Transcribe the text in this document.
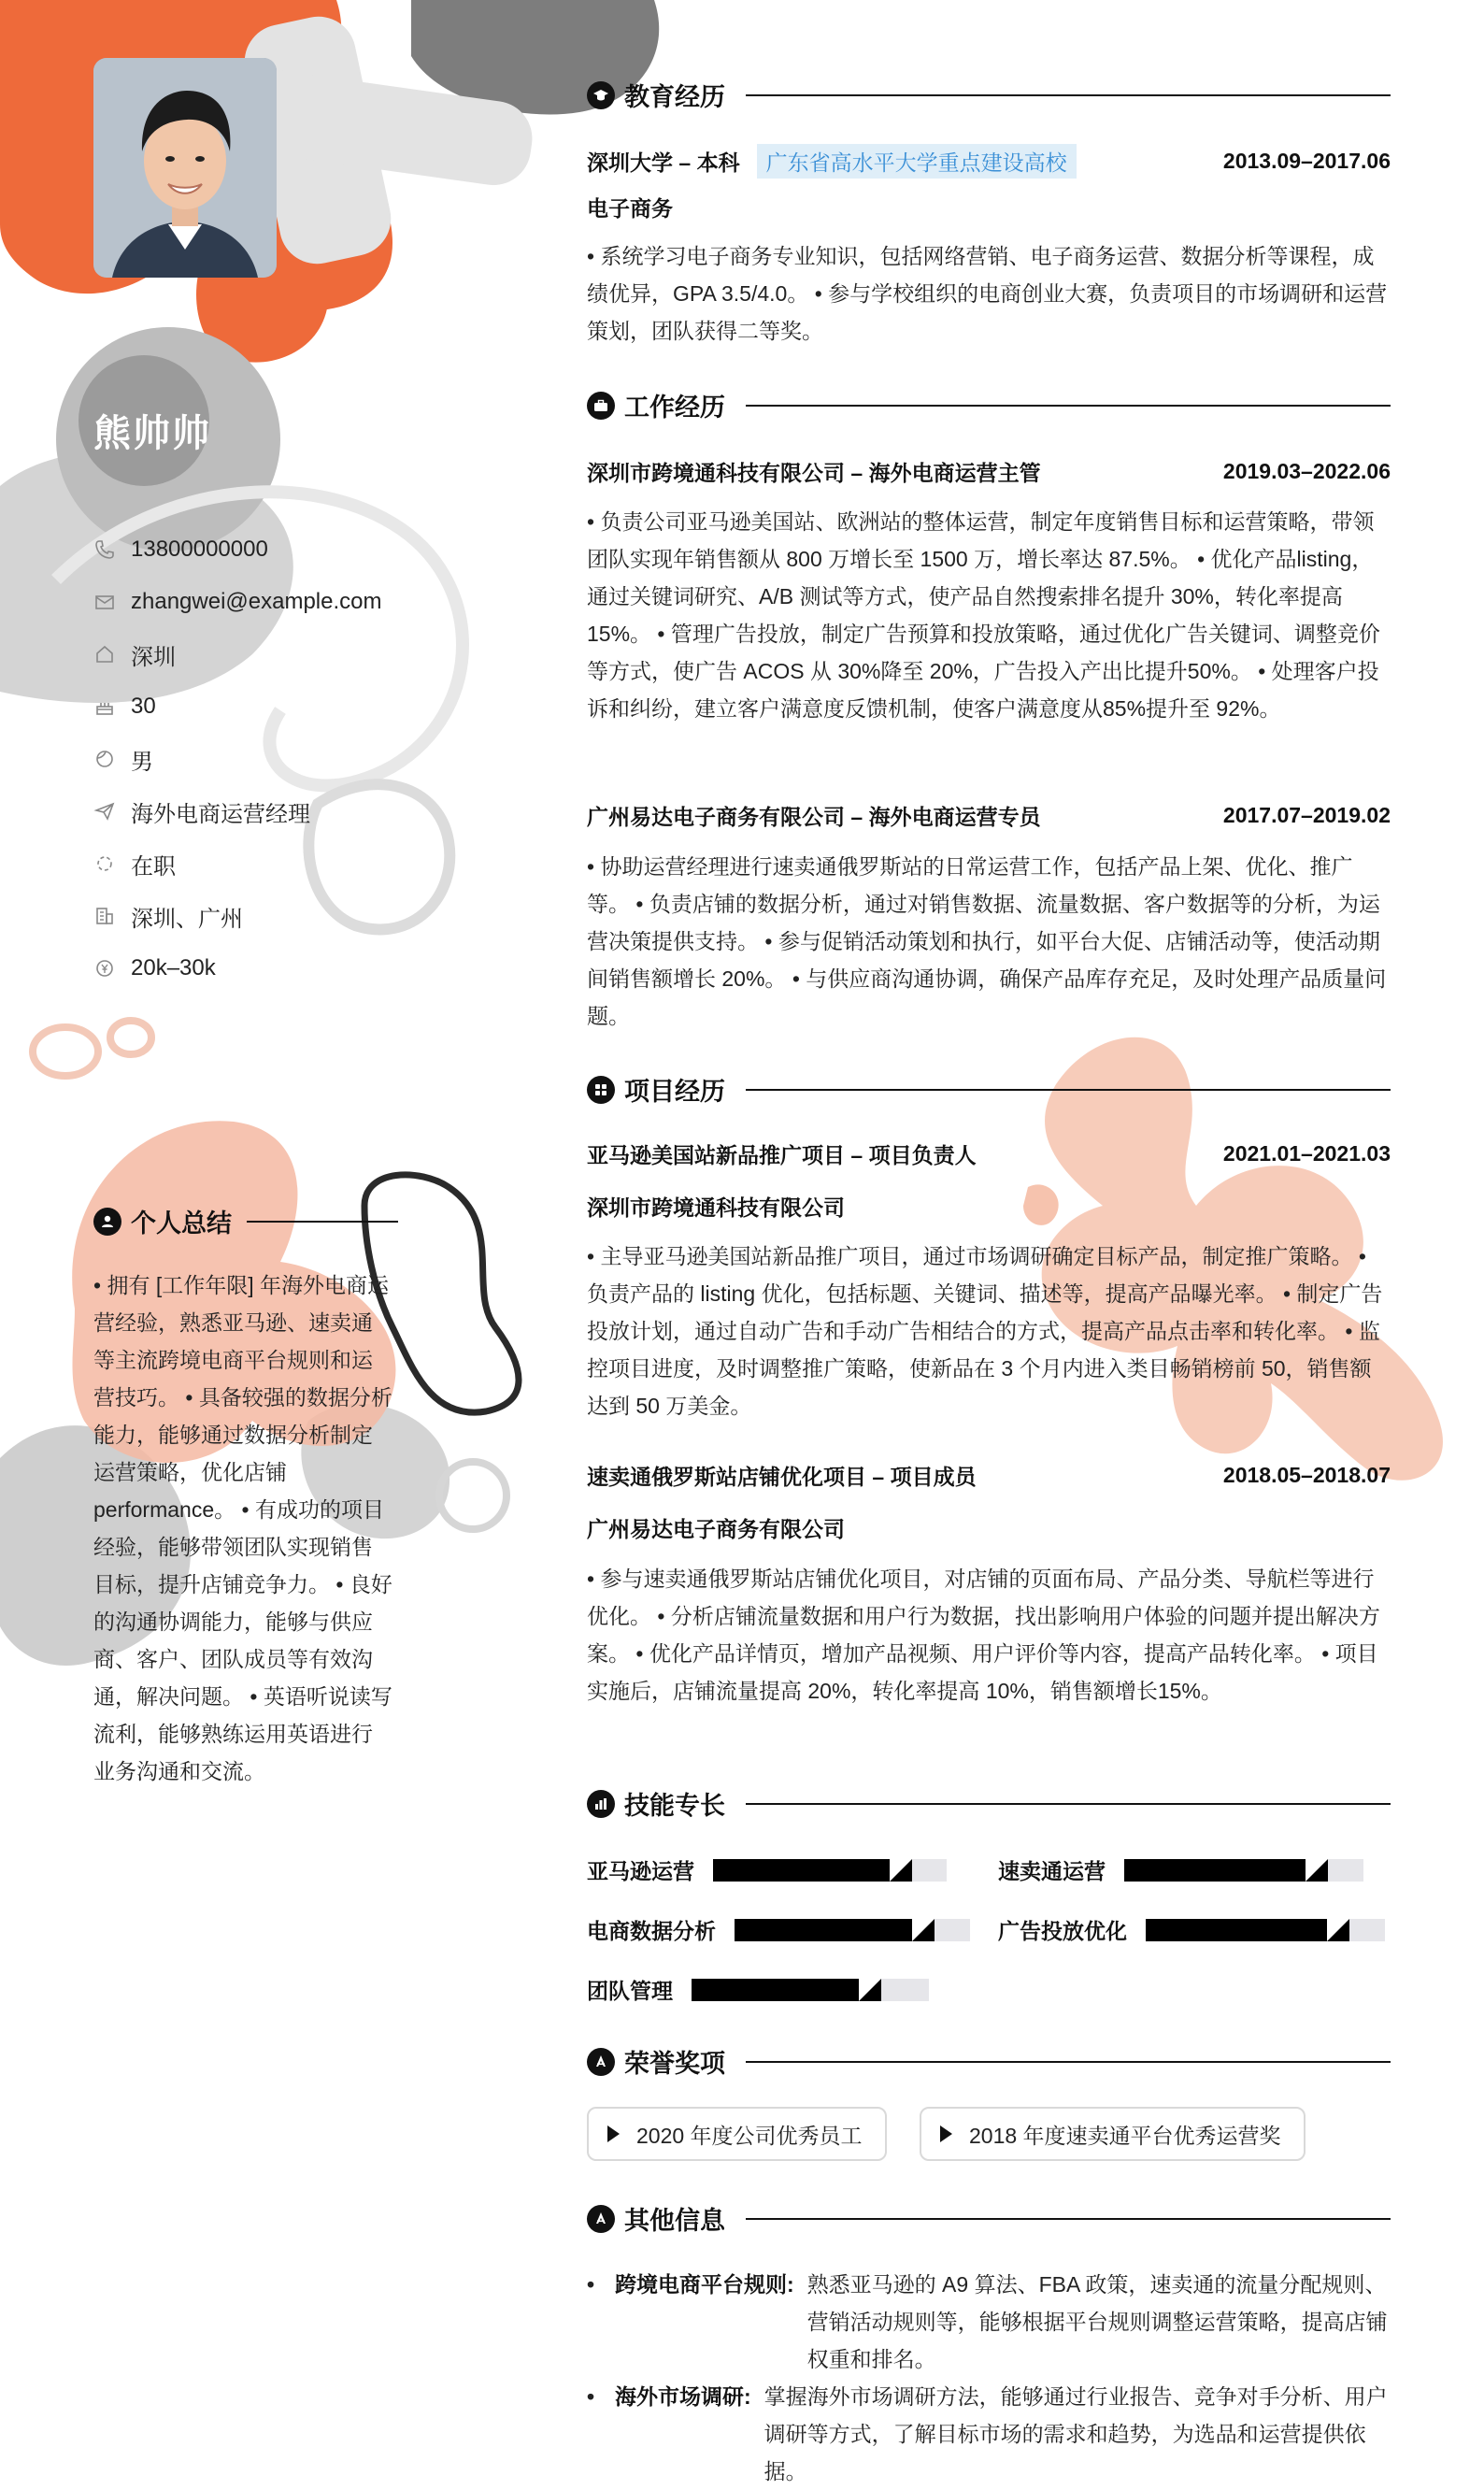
熊帅帅
13800000000
zhangwei@example.com
深圳
30
男
海外电商运营经理
在职
深圳、广州
20k–30k
个人总结
• 拥有 [工作年限] 年海外电商运营经验，熟悉亚马逊、速卖通等主流跨境电商平台规则和运营技巧。 • 具备较强的数据分析能力，能够通过数据分析制定运营策略，优化店铺performance。 • 有成功的项目经验，能够带领团队实现销售目标，提升店铺竞争力。 • 良好的沟通协调能力，能够与供应商、客户、团队成员等有效沟通，解决问题。 • 英语听说读写流利，能够熟练运用英语进行业务沟通和交流。
教育经历
深圳大学 – 本科 广东省高水平大学重点建设高校	2013.09–2017.06
电子商务
• 系统学习电子商务专业知识，包括网络营销、电子商务运营、数据分析等课程，成绩优异，GPA 3.5/4.0。 • 参与学校组织的电商创业大赛，负责项目的市场调研和运营策划，团队获得二等奖。
工作经历
深圳市跨境通科技有限公司 – 海外电商运营主管	2019.03–2022.06
• 负责公司亚马逊美国站、欧洲站的整体运营，制定年度销售目标和运营策略，带领团队实现年销售额从 800 万增长至 1500 万，增长率达 87.5%。 • 优化产品listing，通过关键词研究、A/B 测试等方式，使产品自然搜索排名提升 30%，转化率提高 15%。 • 管理广告投放，制定广告预算和投放策略，通过优化广告关键词、调整竞价等方式，使广告 ACOS 从 30%降至 20%，广告投入产出比提升50%。 • 处理客户投诉和纠纷，建立客户满意度反馈机制，使客户满意度从85%提升至 92%。
广州易达电子商务有限公司 – 海外电商运营专员	2017.07–2019.02
• 协助运营经理进行速卖通俄罗斯站的日常运营工作，包括产品上架、优化、推广等。 • 负责店铺的数据分析，通过对销售数据、流量数据、客户数据等的分析，为运营决策提供支持。 • 参与促销活动策划和执行，如平台大促、店铺活动等，使活动期间销售额增长 20%。 • 与供应商沟通协调，确保产品库存充足，及时处理产品质量问题。
项目经历
亚马逊美国站新品推广项目 – 项目负责人	2021.01–2021.03
深圳市跨境通科技有限公司
• 主导亚马逊美国站新品推广项目，通过市场调研确定目标产品，制定推广策略。 • 负责产品的 listing 优化，包括标题、关键词、描述等，提高产品曝光率。 • 制定广告投放计划，通过自动广告和手动广告相结合的方式，提高产品点击率和转化率。 • 监控项目进度，及时调整推广策略，使新品在 3 个月内进入类目畅销榜前 50，销售额达到 50 万美金。
速卖通俄罗斯站店铺优化项目 – 项目成员	2018.05–2018.07
广州易达电子商务有限公司
• 参与速卖通俄罗斯站店铺优化项目，对店铺的页面布局、产品分类、导航栏等进行优化。 • 分析店铺流量数据和用户行为数据，找出影响用户体验的问题并提出解决方案。 • 优化产品详情页，增加产品视频、用户评价等内容，提高产品转化率。 • 项目实施后，店铺流量提高 20%，转化率提高 10%，销售额增长15%。
技能专长
亚马逊运营	速卖通运营
电商数据分析	广告投放优化
团队管理
荣誉奖项
2020 年度公司优秀员工	2018 年度速卖通平台优秀运营奖
其他信息
• 跨境电商平台规则: 熟悉亚马逊的 A9 算法、FBA 政策，速卖通的流量分配规则、营销活动规则等，能够根据平台规则调整运营策略，提高店铺权重和排名。
• 海外市场调研: 掌握海外市场调研方法，能够通过行业报告、竞争对手分析、用户调研等方式，了解目标市场的需求和趋势，为选品和运营提供依据。
